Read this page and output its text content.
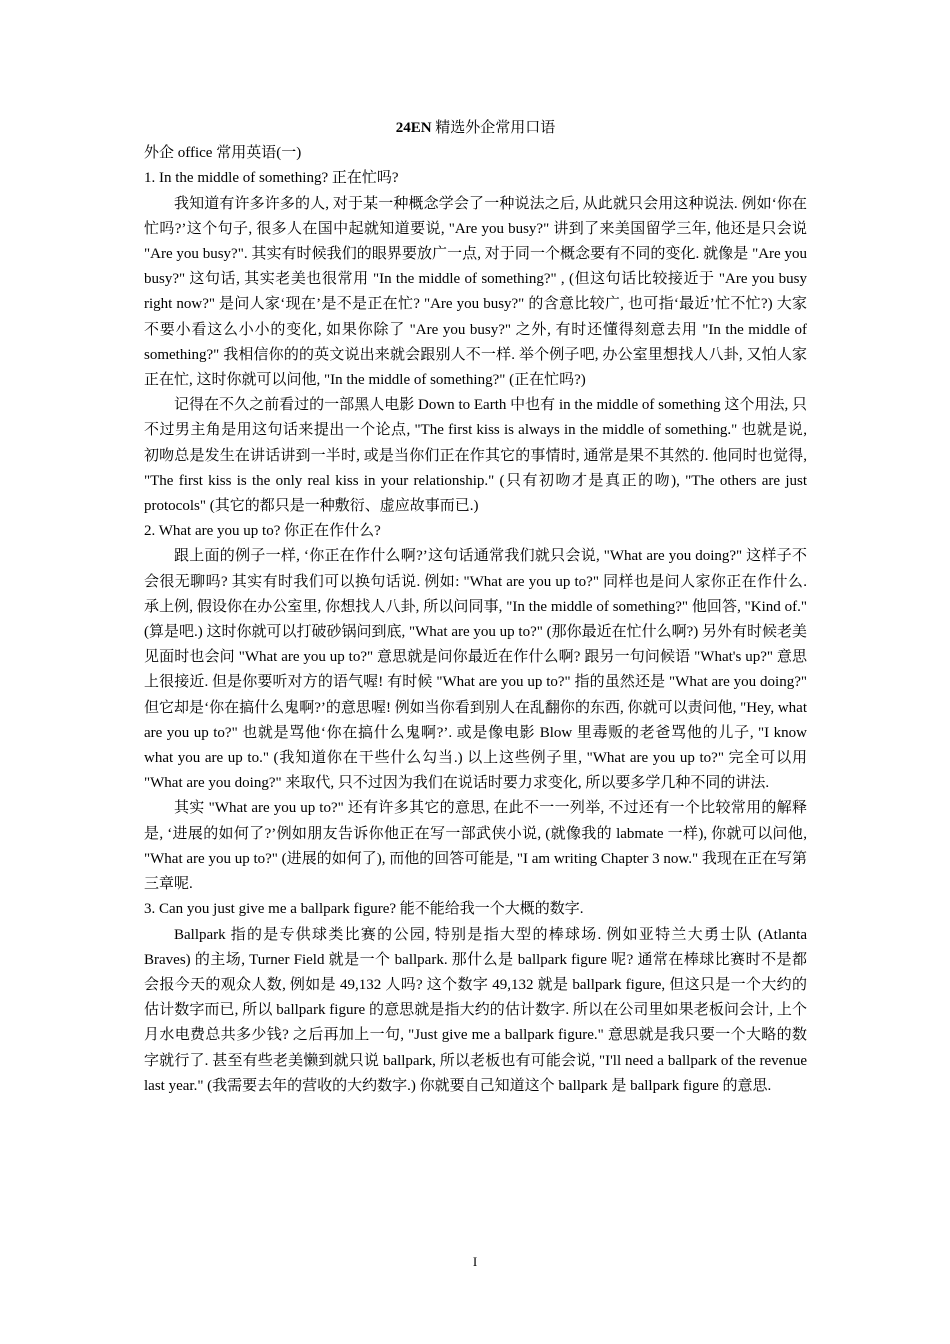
24EN 精选外企常用口语

外企 office 常用英语(一)

1. In the middle of something? 正在忙吗?

我知道有许多许多的人, 对于某一种概念学会了一种说法之后, 从此就只会用这种说法. 例如‘你在忙吗?’这个句子, 很多人在国中起就知道要说, "Are you busy?" 讲到了来美国留学三年, 他还是只会说 "Are you busy?". 其实有时候我们的眼界要放广一点, 对于同一个概念要有不同的变化. 就像是 "Are you busy?" 这句话, 其实老美也很常用 "In the middle of something?" , (但这句话比较接近于 "Are you busy right now?" 是问人家‘现在’是不是正在忙? "Are you busy?" 的含意比较广, 也可指‘最近’忙不忙?) 大家不要小看这么小小的变化, 如果你除了 "Are you busy?" 之外, 有时还懂得刻意去用 "In the middle of something?" 我相信你的的英文说出来就会跟别人不一样. 举个例子吧, 办公室里想找人八卦, 又怕人家正在忙, 这时你就可以问他, "In the middle of something?" (正在忙吗?)

记得在不久之前看过的一部黑人电影 Down to Earth 中也有 in the middle of something 这个用法, 只不过男主角是用这句话来提出一个论点, "The first kiss is always in the middle of something." 也就是说, 初吻总是发生在讲话讲到一半时, 或是当你们正在作其它的事情时, 通常是果不其然的. 他同时也觉得, "The first kiss is the only real kiss in your relationship." (只有初吻才是真正的吻), "The others are just protocols" (其它的都只是一种敷衍、虚应故事而已.)

2. What are you up to? 你正在作什么?

跟上面的例子一样, ‘你正在作什么啊?’这句话通常我们就只会说, "What are you doing?" 这样子不会很无聊吗? 其实有时我们可以换句话说. 例如: "What are you up to?" 同样也是问人家你正在作什么. 承上例, 假设你在办公室里, 你想找人八卦, 所以问同事, "In the middle of something?" 他回答, "Kind of." (算是吧.) 这时你就可以打破砂锅问到底, "What are you up to?" (那你最近在忙什么啊?) 另外有时候老美见面时也会问 "What are you up to?" 意思就是问你最近在作什么啊? 跟另一句问候语 "What's up?" 意思上很接近. 但是你要听对方的语气喔! 有时候 "What are you up to?" 指的虽然还是 "What are you doing?" 但它却是‘你在搞什么鬼啊?’的意思喔! 例如当你看到别人在乱翻你的东西, 你就可以责问他, "Hey, what are you up to?" 也就是骂他‘你在搞什么鬼啊?’. 或是像电影 Blow 里毒贩的老爸骂他的儿子, "I know what you are up to." (我知道你在干些什么勾当.) 以上这些例子里, "What are you up to?" 完全可以用 "What are you doing?" 来取代, 只不过因为我们在说话时要力求变化, 所以要多学几种不同的讲法.

其实 "What are you up to?" 还有许多其它的意思, 在此不一一列举, 不过还有一个比较常用的解释是, ‘进展的如何了?’例如朋友告诉你他正在写一部武侠小说, (就像我的 labmate 一样), 你就可以问他, "What are you up to?" (进展的如何了), 而他的回答可能是, "I am writing Chapter 3 now." 我现在正在写第三章呢.

3. Can you just give me a ballpark figure? 能不能给我一个大概的数字.

Ballpark 指的是专供球类比赛的公园, 特别是指大型的棒球场. 例如亚特兰大勇士队 (Atlanta Braves) 的主场, Turner Field 就是一个 ballpark. 那什么是 ballpark figure 呢? 通常在棒球比赛时不是都会报今天的观众人数, 例如是 49,132 人吗? 这个数字 49,132 就是 ballpark figure, 但这只是一个大约的估计数字而已, 所以 ballpark figure 的意思就是指大约的估计数字. 所以在公司里如果老板问会计, 上个月水电费总共多少钱? 之后再加上一句, "Just give me a ballpark figure." 意思就是我只要一个大略的数字就行了. 甚至有些老美懒到就只说 ballpark, 所以老板也有可能会说, "I'll need a ballpark of the revenue last year." (我需要去年的营收的大约数字.) 你就要自己知道这个 ballpark 是 ballpark figure 的意思.

I
